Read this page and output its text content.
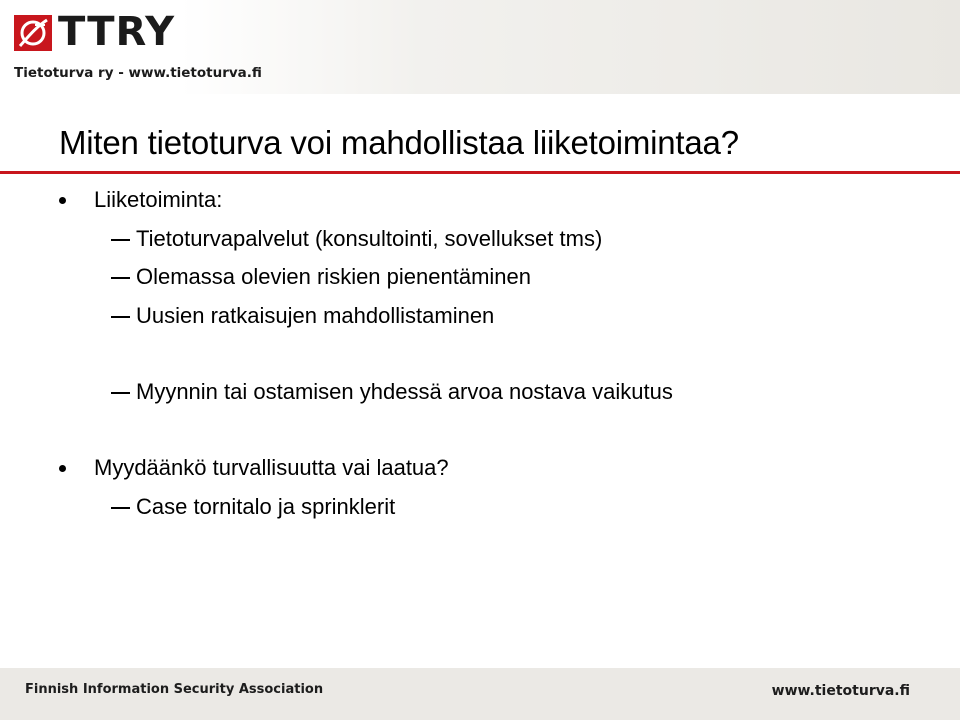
TTRY
Tietoturva ry - www.tietoturva.fi
Miten tietoturva voi mahdollistaa liiketoimintaa?
Liiketoiminta:
Tietoturvapalvelut (konsultointi, sovellukset tms)
Olemassa olevien riskien pienentäminen
Uusien ratkaisujen mahdollistaminen
Myynnin tai ostamisen yhdessä arvoa nostava vaikutus
Myydäänkö turvallisuutta vai laatua?
Case tornitalo ja sprinklerit
Finnish Information Security Association	www.tietoturva.fi
